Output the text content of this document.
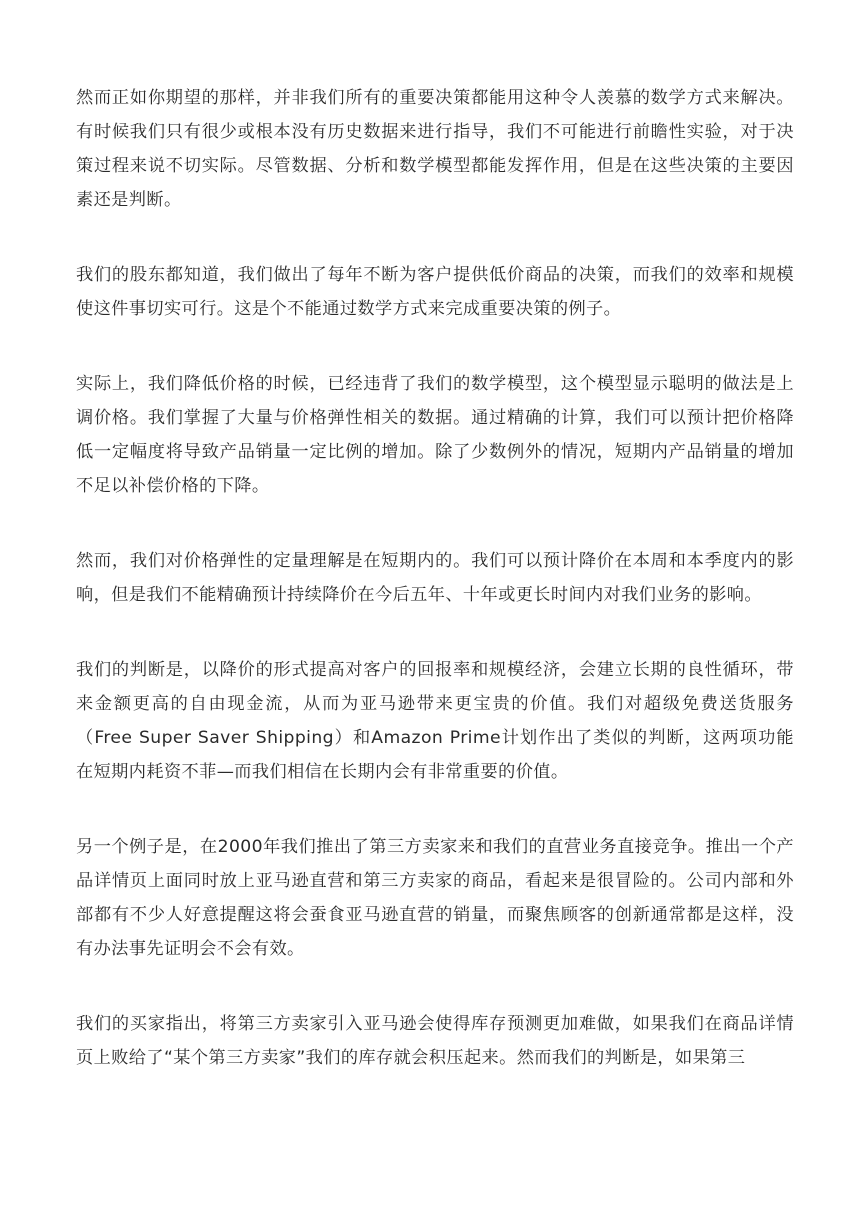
然而正如你期望的那样，并非我们所有的重要决策都能用这种令人羡慕的数学方式来解决。有时候我们只有很少或根本没有历史数据来进行指导，我们不可能进行前瞻性实验，对于决策过程来说不切实际。尽管数据、分析和数学模型都能发挥作用，但是在这些决策的主要因素还是判断。

我们的股东都知道，我们做出了每年不断为客户提供低价商品的决策，而我们的效率和规模使这件事切实可行。这是个不能通过数学方式来完成重要决策的例子。

实际上，我们降低价格的时候，已经违背了我们的数学模型，这个模型显示聪明的做法是上调价格。我们掌握了大量与价格弹性相关的数据。通过精确的计算，我们可以预计把价格降低一定幅度将导致产品销量一定比例的增加。除了少数例外的情况，短期内产品销量的增加不足以补偿价格的下降。

然而，我们对价格弹性的定量理解是在短期内的。我们可以预计降价在本周和本季度内的影响，但是我们不能精确预计持续降价在今后五年、十年或更长时间内对我们业务的影响。

我们的判断是，以降价的形式提高对客户的回报率和规模经济，会建立长期的良性循环，带来金额更高的自由现金流，从而为亚马逊带来更宝贵的价值。我们对超级免费送货服务（Free Super Saver Shipping）和Amazon Prime计划作出了类似的判断，这两项功能在短期内耗资不菲—而我们相信在长期内会有非常重要的价值。

另一个例子是，在2000年我们推出了第三方卖家来和我们的直营业务直接竞争。推出一个产品详情页上面同时放上亚马逊直营和第三方卖家的商品，看起来是很冒险的。公司内部和外部都有不少人好意提醒这将会蚕食亚马逊直营的销量，而聚焦顾客的创新通常都是这样，没有办法事先证明会不会有效。

我们的买家指出，将第三方卖家引入亚马逊会使得库存预测更加难做，如果我们在商品详情页上败给了“某个第三方卖家”我们的库存就会积压起来。然而我们的判断是，如果第三
